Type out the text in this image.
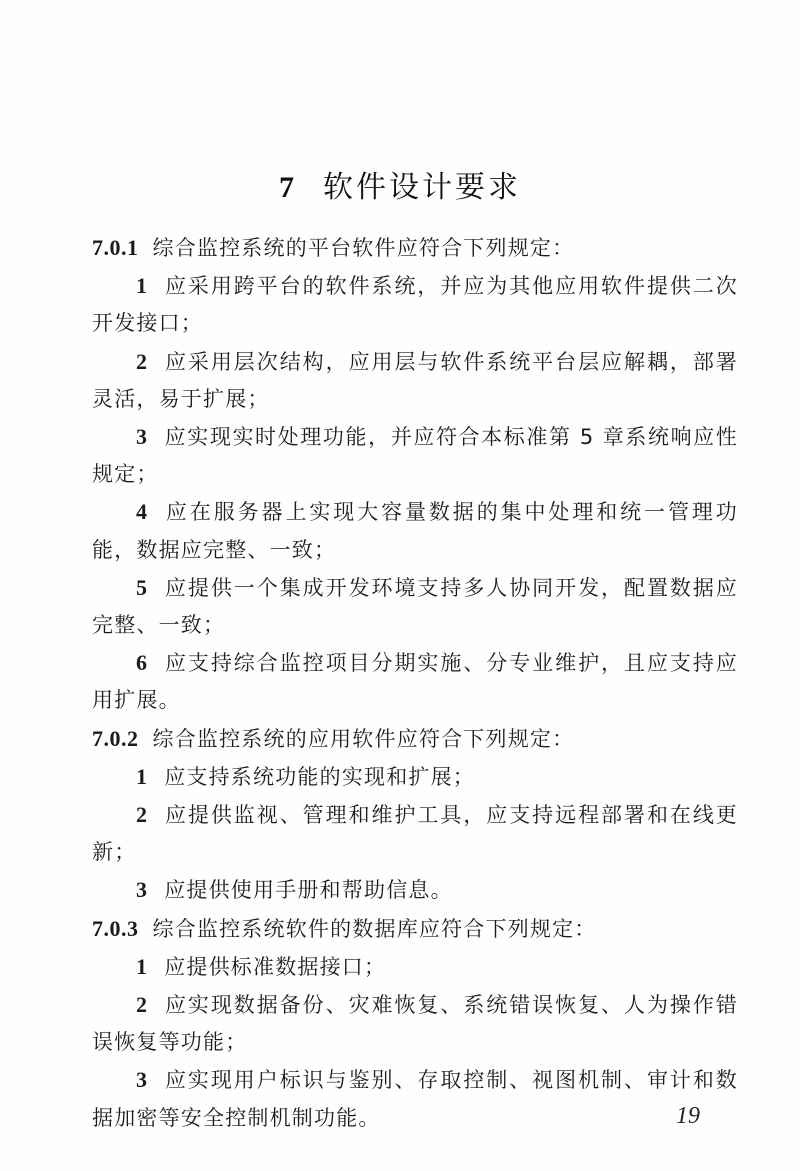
7 软件设计要求

7.0.1 综合监控系统的平台软件应符合下列规定：

1 应采用跨平台的软件系统，并应为其他应用软件提供二次开发接口；

2 应采用层次结构，应用层与软件系统平台层应解耦，部署灵活，易于扩展；

3 应实现实时处理功能，并应符合本标准第 5 章系统响应性规定；

4 应在服务器上实现大容量数据的集中处理和统一管理功能，数据应完整、一致；

5 应提供一个集成开发环境支持多人协同开发，配置数据应完整、一致；

6 应支持综合监控项目分期实施、分专业维护，且应支持应用扩展。

7.0.2 综合监控系统的应用软件应符合下列规定：

1 应支持系统功能的实现和扩展；

2 应提供监视、管理和维护工具，应支持远程部署和在线更新；

3 应提供使用手册和帮助信息。

7.0.3 综合监控系统软件的数据库应符合下列规定：

1 应提供标准数据接口；

2 应实现数据备份、灾难恢复、系统错误恢复、人为操作错误恢复等功能；

3 应实现用户标识与鉴别、存取控制、视图机制、审计和数据加密等安全控制机制功能。	19
